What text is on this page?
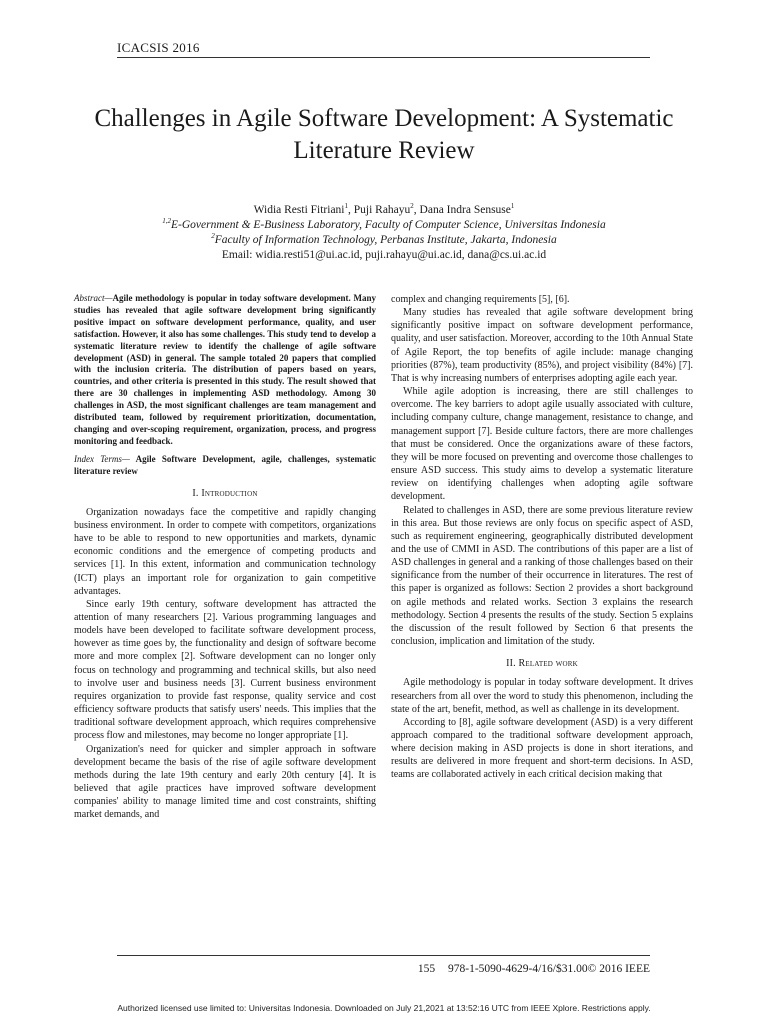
ICACSIS 2016
Challenges in Agile Software Development: A Systematic Literature Review
Widia Resti Fitriani$^1$, Puji Rahayu$^2$, Dana Indra Sensuse$^1$
$^{1,2}$E-Government & E-Business Laboratory, Faculty of Computer Science, Universitas Indonesia
$^2$Faculty of Information Technology, Perbanas Institute, Jakarta, Indonesia
Email: widia.resti51@ui.ac.id, puji.rahayu@ui.ac.id, dana@cs.ui.ac.id

Abstract—Agile methodology is popular in today software development. Many studies has revealed that agile software development bring significantly positive impact on software development performance, quality, and user satisfaction. However, it also has some challenges. This study tend to develop a systematic literature review to identify the challenge of agile software development (ASD) in general. The sample totaled 20 papers that complied with the inclusion criteria. The distribution of papers based on years, countries, and other criteria is presented in this study. The result showed that there are 30 challenges in implementing ASD methodology. Among 30 challenges in ASD, the most significant challenges are team management and distributed team, followed by requirement prioritization, documentation, changing and over-scoping requirement, organization, process, and progress monitoring and feedback.

Index Terms— Agile Software Development, agile, challenges, systematic literature review

I. Introduction

Organization nowadays face the competitive and rapidly changing business environment. In order to compete with competitors, organizations have to be able to respond to new opportunities and markets, dynamic economic conditions and the emergence of competing products and services [1]. In this extent, information and communication technology (ICT) plays an important role for organization to gain competitive advantages.

Since early 19th century, software development has attracted the attention of many researchers [2]. Various programming languages and models have been developed to facilitate software development process, however as time goes by, the functionality and design of software become more and more complex [2]. Software development can no longer only focus on technology and programming and technical skills, but also need to involve user and business needs [3]. Current business environment requires organization to provide fast response, quality service and cost efficiency software products that satisfy users' needs. This implies that the traditional software development approach, which requires comprehensive process flow and milestones, may become no longer appropriate [1].

Organization's need for quicker and simpler approach in software development became the basis of the rise of agile software development methods during the late 19th century and early 20th century [4]. It is believed that agile practices have improved software development companies' ability to manage limited time and cost constraints, shifting market demands, and

complex and changing requirements [5], [6].

Many studies has revealed that agile software development bring significantly positive impact on software development performance, quality, and user satisfaction. Moreover, according to the 10th Annual State of Agile Report, the top benefits of agile include: manage changing priorities (87%), team productivity (85%), and project visibility (84%) [7]. That is why increasing numbers of enterprises adopting agile each year.

While agile adoption is increasing, there are still challenges to overcome. The key barriers to adopt agile usually associated with culture, including company culture, change management, resistance to change, and management support [7]. Beside culture factors, there are more challenges that must be considered. Once the organizations aware of these factors, they will be more focused on preventing and overcome those challenges to ensure ASD success. This study aims to develop a systematic literature review on identifying challenges when adopting agile software development.

Related to challenges in ASD, there are some previous literature review in this area. But those reviews are only focus on specific aspect of ASD, such as requirement engineering, geographically distributed development and the use of CMMI in ASD. The contributions of this paper are a list of ASD challenges in general and a ranking of those challenges based on their significance from the number of their occurrence in literatures. The rest of this paper is organized as follows: Section 2 provides a short background on agile methods and related works. Section 3 explains the research methodology. Section 4 presents the results of the study. Section 5 explains the discussion of the result followed by Section 6 that presents the conclusion, implication and limitation of the study.

II. Related work

Agile methodology is popular in today software development. It drives researchers from all over the word to study this phenomenon, including the state of the art, benefit, method, as well as challenge in its development.

According to [8], agile software development (ASD) is a very different approach compared to the traditional software development approach, where decision making in ASD projects is done in short iterations, and results are delivered in more frequent and short-term decisions. In ASD, teams are collaborated actively in each critical decision making that

155 978-1-5090-4629-4/16/$31.00© 2016 IEEE
Authorized licensed use limited to: Universitas Indonesia. Downloaded on July 21,2021 at 13:52:16 UTC from IEEE Xplore. Restrictions apply.
